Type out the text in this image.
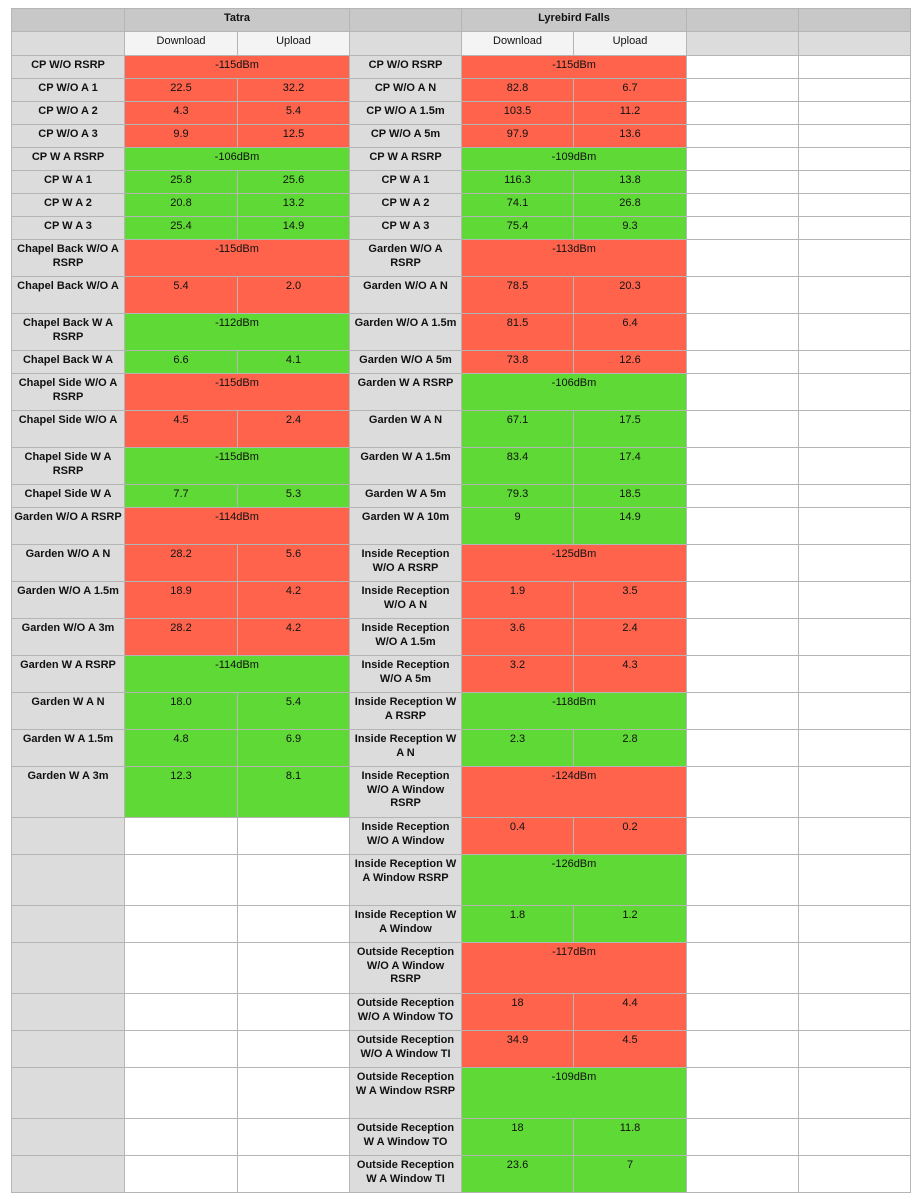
	Tatra			Lyrebird Falls			
	Download	Upload		Download	Upload		
CP W/O RSRP	-115dBm		CP W/O RSRP	-115dBm			
CP W/O A 1	22.5	32.2	CP W/O A N	82.8	6.7		
CP W/O A 2	4.3	5.4	CP W/O A 1.5m	103.5	11.2		
CP W/O A 3	9.9	12.5	CP W/O A 5m	97.9	13.6		
CP W A RSRP	-106dBm		CP W A RSRP	-109dBm			
CP W A 1	25.8	25.6	CP W A 1	116.3	13.8		
CP W A 2	20.8	13.2	CP W A 2	74.1	26.8		
CP W A 3	25.4	14.9	CP W A 3	75.4	9.3		
Chapel Back W/O A RSRP	-115dBm		Garden W/O A RSRP	-113dBm			
Chapel Back W/O A	5.4	2.0	Garden W/O A N	78.5	20.3		
Chapel Back W A RSRP	-112dBm		Garden W/O A 1.5m	81.5	6.4		
Chapel Back W A	6.6	4.1	Garden W/O A 5m	73.8	12.6		
Chapel Side W/O A RSRP	-115dBm		Garden W A RSRP	-106dBm			
Chapel Side W/O A	4.5	2.4	Garden W A N	67.1	17.5		
Chapel Side W A RSRP	-115dBm		Garden W A 1.5m	83.4	17.4		
Chapel Side W A	7.7	5.3	Garden W A 5m	79.3	18.5		
Garden W/O A RSRP	-114dBm		Garden W A 10m	9	14.9		
Garden W/O A N	28.2	5.6	Inside Reception W/O A RSRP	-125dBm			
Garden W/O A 1.5m	18.9	4.2	Inside Reception W/O A N	1.9	3.5		
Garden W/O A 3m	28.2	4.2	Inside Reception W/O A 1.5m	3.6	2.4		
Garden W A RSRP	-114dBm		Inside Reception W/O A 5m	3.2	4.3		
Garden W A N	18.0	5.4	Inside Reception W A RSRP	-118dBm			
Garden W A 1.5m	4.8	6.9	Inside Reception W A N	2.3	2.8		
Garden W A 3m	12.3	8.1	Inside Reception W/O A Window RSRP	-124dBm			
			Inside Reception W/O A Window	0.4	0.2		
			Inside Reception W A Window RSRP	-126dBm			
			Inside Reception W A Window	1.8	1.2		
			Outside Reception W/O A Window RSRP	-117dBm			
			Outside Reception W/O A Window TO	18	4.4		
			Outside Reception W/O A Window TI	34.9	4.5		
			Outside Reception W A Window RSRP	-109dBm			
			Outside Reception W A Window TO	18	11.8		
			Outside Reception W A Window TI	23.6	7		
